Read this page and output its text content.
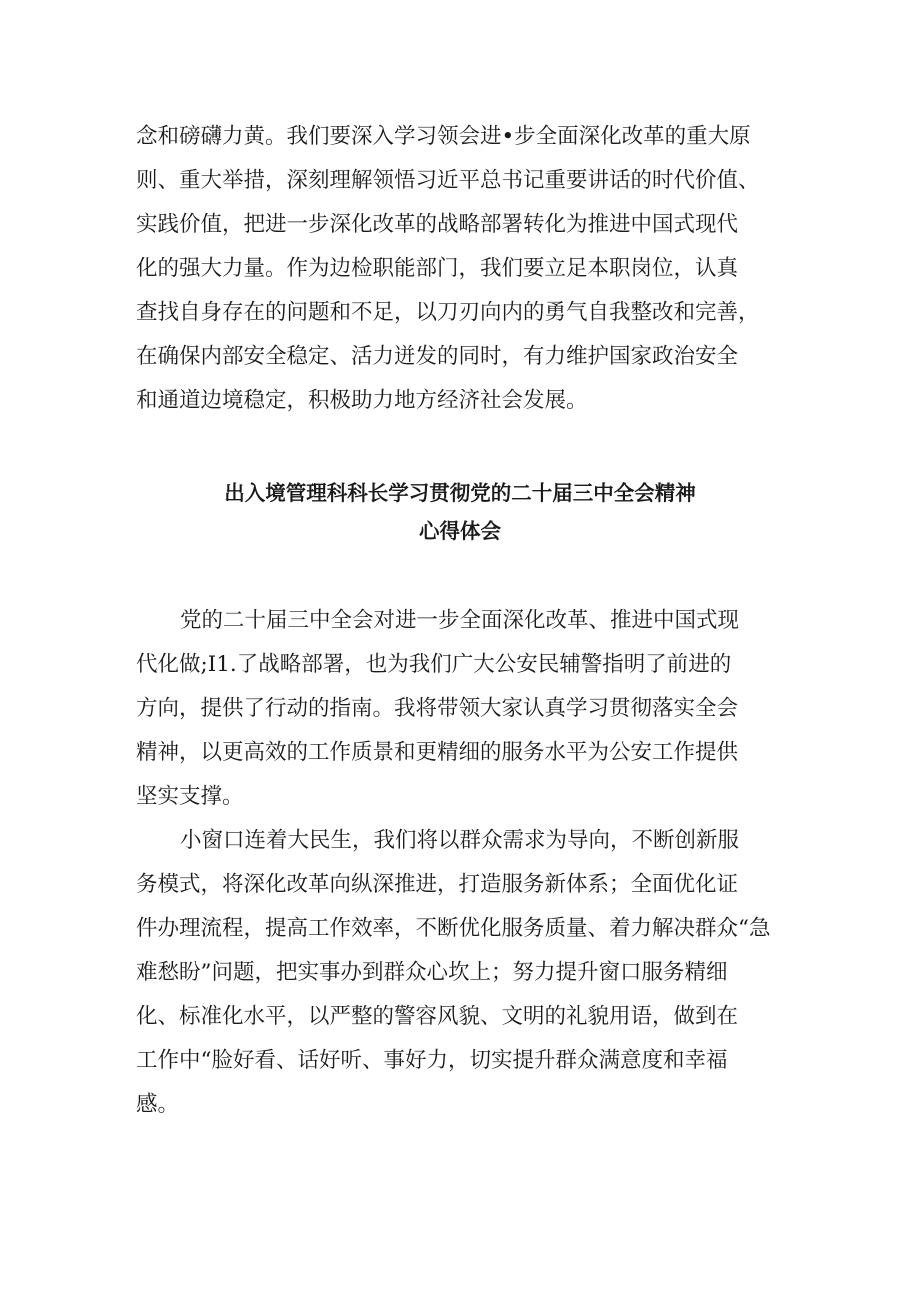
念和磅礴力黄。我们要深入学习领会进•步全面深化改革的重大原

则、重大举措，深刻理解领悟习近平总书记重要讲话的时代价值、

实践价值，把进一步深化改革的战略部署转化为推进中国式现代

化的强大力量。作为边检职能部门，我们要立足本职岗位，认真

查找自身存在的问题和不足，以刀刃向内的勇气自我整改和完善，

在确保内部安全稳定、活力迸发的同时，有力维护国家政治安全

和通道边境稳定，积极助力地方经济社会发展。

出入境管理科科长学习贯彻党的二十届三中全会精神

心得体会

党的二十届三中全会对进一步全面深化改革、推进中国式现

代化做;I1.了战略部署，也为我们广大公安民辅警指明了前进的

方向，提供了行动的指南。我将带领大家认真学习贯彻落实全会

精神，以更高效的工作质景和更精细的服务水平为公安工作提供

坚实支撑。

小窗口连着大民生，我们将以群众需求为导向，不断创新服

务模式，将深化改革向纵深推进，打造服务新体系；全面优化证

件办理流程，提高工作效率，不断优化服务质量、着力解决群众“急

难愁盼”问题，把实事办到群众心坎上；努力提升窗口服务精细

化、标准化水平，以严整的警容风貌、文明的礼貌用语，做到在

工作中“脸好看、话好听、事好力，切实提升群众满意度和幸福

感。
